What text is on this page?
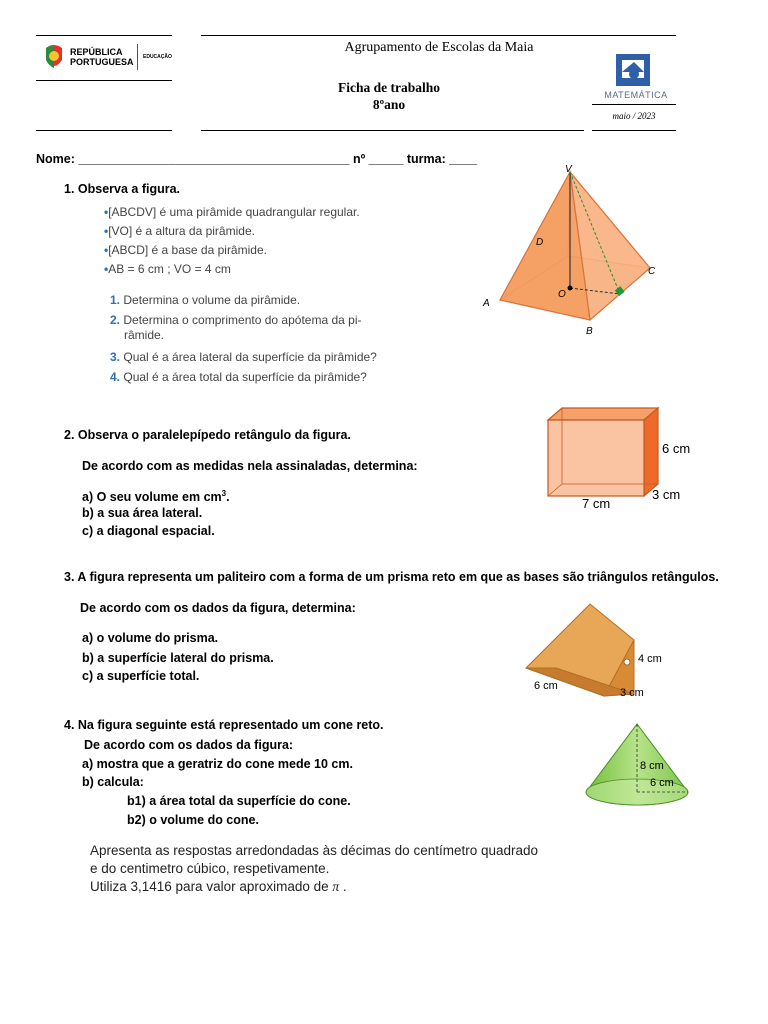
REPÚBLICA
PORTUGUESA EDUCAÇÃO
Agrupamento de Escolas da Maia
Ficha de trabalho
8ºano
MATEMÁTICA
maio / 2023
Nome: _______________________________________ nº _____ turma: ____
1. Observa a figura.
•[ABCDV] é uma pirâmide quadrangular regular.
•[VO] é a altura da pirâmide.
•[ABCD] é a base da pirâmide.
•AB = 6 cm ; VO = 4 cm
1. Determina o volume da pirâmide.
2. Determina o comprimento do apótema da pi-
râmide.
3. Qual é a área lateral da superfície da pirâmide?
4. Qual é a área total da superfície da pirâmide?
V
D
C
A
O
B
2. Observa o paralelepípedo retângulo da figura.
De acordo com as medidas nela assinaladas, determina:
a) O seu volume em $cm^3$.
b) a sua área lateral.
c) a diagonal espacial.
6 cm
3 cm
7 cm
3. A figura representa um paliteiro com a forma de um prisma reto em que as bases são triângulos retângulos.
De acordo com os dados da figura, determina:
a) o volume do prisma.
b) a superfície lateral do prisma.
c) a superfície total.
4 cm
6 cm
3 cm
4. Na figura seguinte está representado um cone reto.
De acordo com os dados da figura:
a) mostra que a geratriz do cone mede 10 cm.
b) calcula:
b1) a área total da superfície do cone.
b2) o volume do cone.
8 cm
6 cm
Apresenta as respostas arredondadas às décimas do centímetro quadrado
e do centimetro cúbico, respetivamente.
Utiliza 3,1416 para valor aproximado de π .
